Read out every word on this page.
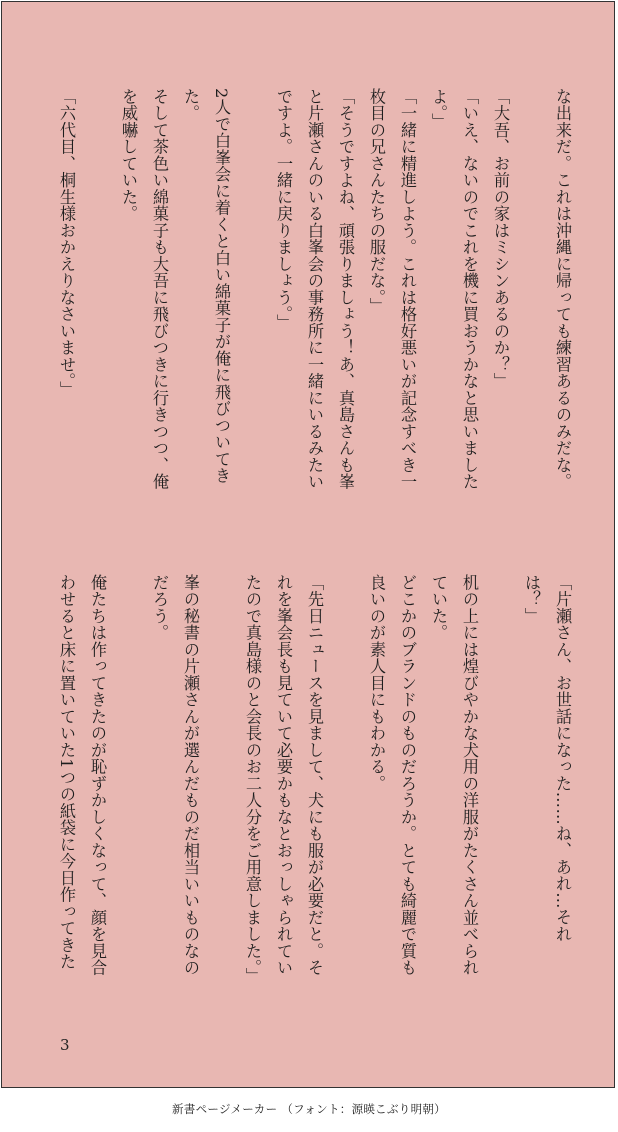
な出来だ。これは沖縄に帰っても練習あるのみだな。

「大吾、お前の家はミシンあるのか？」
「いえ、ないのでこれを機に買おうかなと思いました
よ。」
「一緒に精進しよう。これは格好悪いが記念すべき一
枚目の兄さんたちの服だな。」
「そうですよね、頑張りましょう！あ、真島さんも峯
と片瀬さんのいる白峯会の事務所に一緒にいるみたい
ですよ。一緒に戻りましょう。」

2人で白峯会に着くと白い綿菓子が俺に飛びついてき
た。
そして茶色い綿菓子も大吾に飛びつきに行きつつ、俺
を威嚇していた。

「六代目、桐生様おかえりなさいませ。」
「片瀬さん、お世話になった……ね、あれ…それ
は？」

机の上には煌びやかな犬用の洋服がたくさん並べられ
ていた。
どこかのブランドのものだろうか。とても綺麗で質も
良いのが素人目にもわかる。

「先日ニュースを見まして、犬にも服が必要だと。そ
れを峯会長も見ていて必要かもなとおっしゃられてい
たので真島様のと会長のお二人分をご用意しました。」

峯の秘書の片瀬さんが選んだものだ相当いいものなの
だろう。

俺たちは作ってきたのが恥ずかしくなって、顔を見合
わせると床に置いていた1つの紙袋に今日作ってきた
3
新書ページメーカー （フォント：源暎こぶり明朝）
